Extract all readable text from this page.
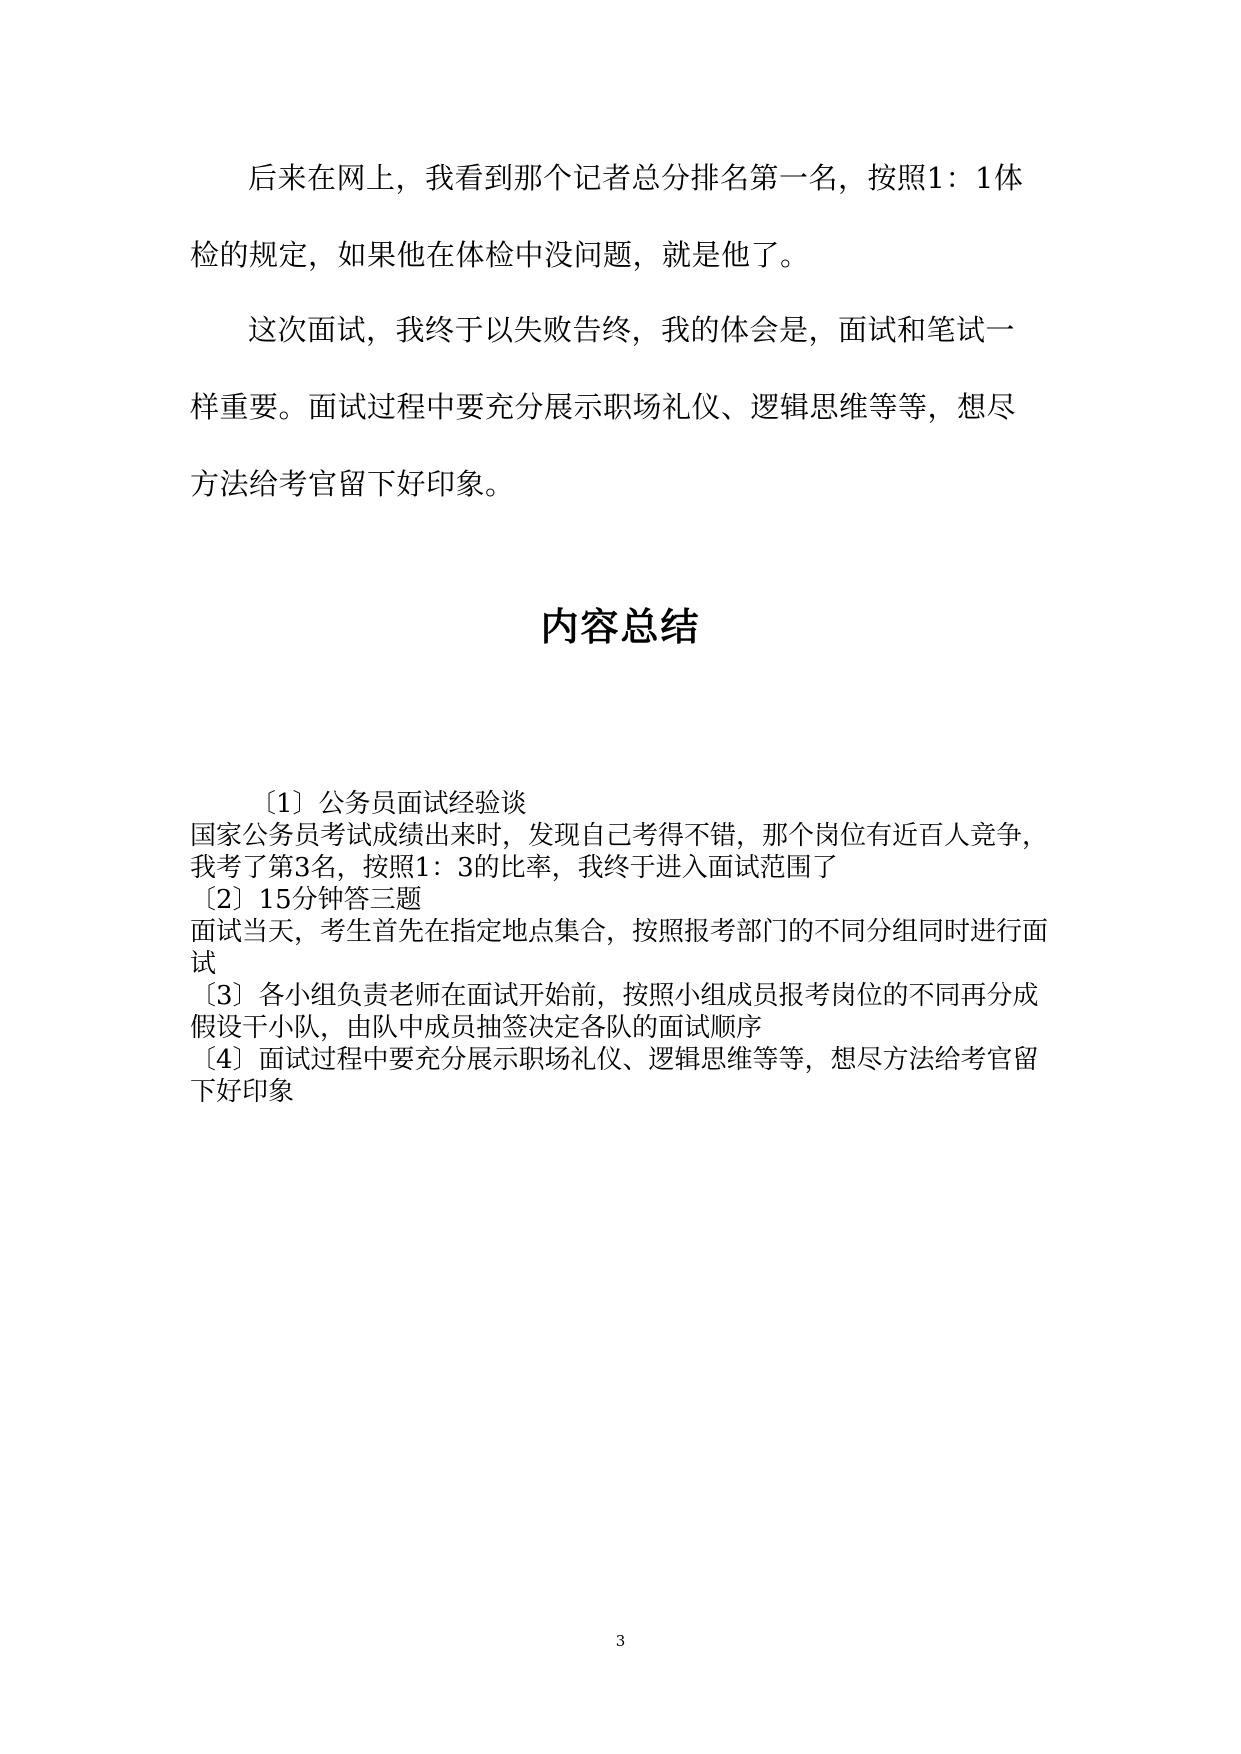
后来在网上，我看到那个记者总分排名第一名，按照1：1体检的规定，如果他在体检中没问题，就是他了。

这次面试，我终于以失败告终，我的体会是，面试和笔试一样重要。面试过程中要充分展示职场礼仪、逻辑思维等等，想尽方法给考官留下好印象。

内容总结

〔1〕公务员面试经验谈

国家公务员考试成绩出来时，发现自己考得不错，那个岗位有近百人竞争，我考了第3名，按照1：3的比率，我终于进入面试范围了

〔2〕15分钟答三题

面试当天，考生首先在指定地点集合，按照报考部门的不同分组同时进行面试

〔3〕各小组负责老师在面试开始前，按照小组成员报考岗位的不同再分成假设干小队，由队中成员抽签决定各队的面试顺序

〔4〕面试过程中要充分展示职场礼仪、逻辑思维等等，想尽方法给考官留下好印象

3
